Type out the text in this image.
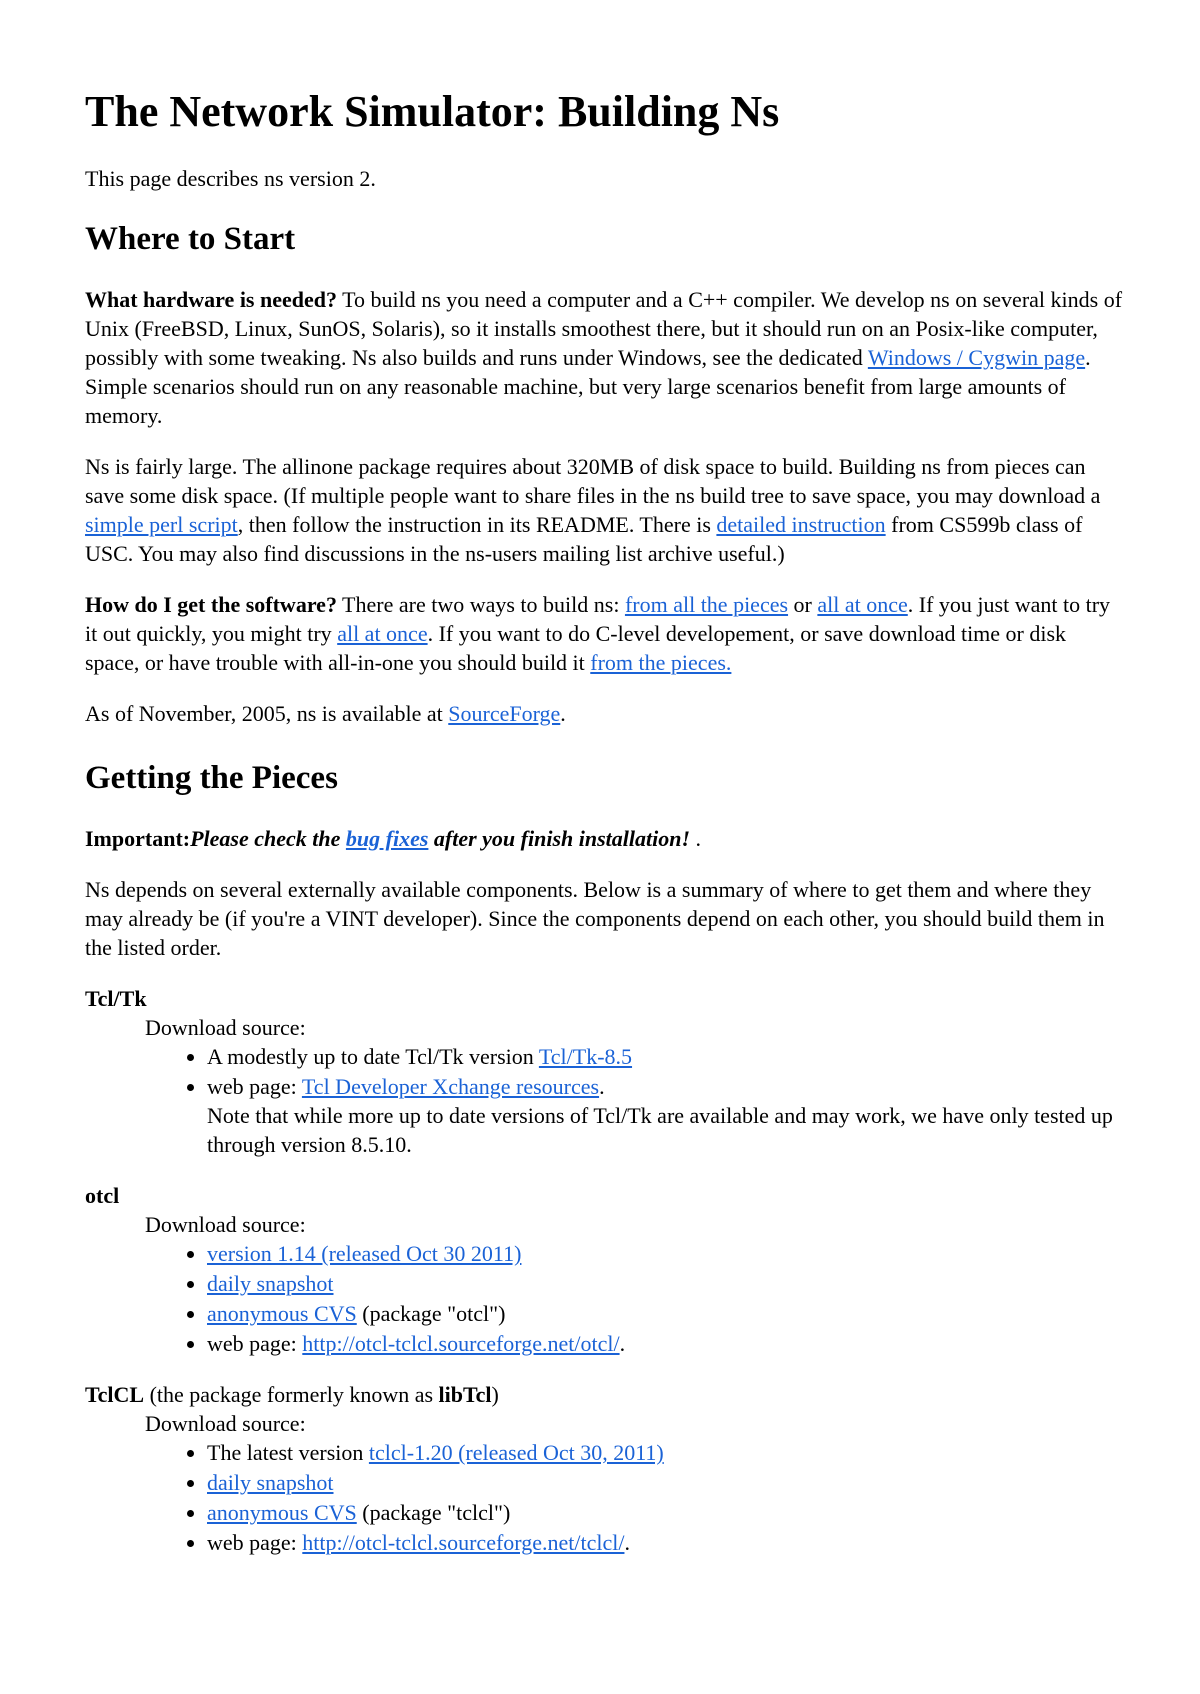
The Network Simulator: Building Ns

This page describes ns version 2.

Where to Start

What hardware is needed? To build ns you need a computer and a C++ compiler. We develop ns on several kinds of Unix (FreeBSD, Linux, SunOS, Solaris), so it installs smoothest there, but it should run on an Posix-like computer, possibly with some tweaking. Ns also builds and runs under Windows, see the dedicated Windows / Cygwin page. Simple scenarios should run on any reasonable machine, but very large scenarios benefit from large amounts of memory.

Ns is fairly large. The allinone package requires about 320MB of disk space to build. Building ns from pieces can save some disk space. (If multiple people want to share files in the ns build tree to save space, you may download a simple perl script, then follow the instruction in its README. There is detailed instruction from CS599b class of USC. You may also find discussions in the ns-users mailing list archive useful.)

How do I get the software? There are two ways to build ns: from all the pieces or all at once. If you just want to try it out quickly, you might try all at once. If you want to do C-level developement, or save download time or disk space, or have trouble with all-in-one you should build it from the pieces.

As of November, 2005, ns is available at SourceForge.

Getting the Pieces

Important:Please check the bug fixes after you finish installation! .

Ns depends on several externally available components. Below is a summary of where to get them and where they may already be (if you're a VINT developer). Since the components depend on each other, you should build them in the listed order.

Tcl/Tk

Download source:

• A modestly up to date Tcl/Tk version Tcl/Tk-8.5
• web page: Tcl Developer Xchange resources.
Note that while more up to date versions of Tcl/Tk are available and may work, we have only tested up through version 8.5.10.

otcl

Download source:

• version 1.14 (released Oct 30 2011)
• daily snapshot
• anonymous CVS (package "otcl")
• web page: http://otcl-tclcl.sourceforge.net/otcl/.

TclCL (the package formerly known as libTcl)

Download source:

• The latest version tclcl-1.20 (released Oct 30, 2011)
• daily snapshot
• anonymous CVS (package "tclcl")
• web page: http://otcl-tclcl.sourceforge.net/tclcl/.
